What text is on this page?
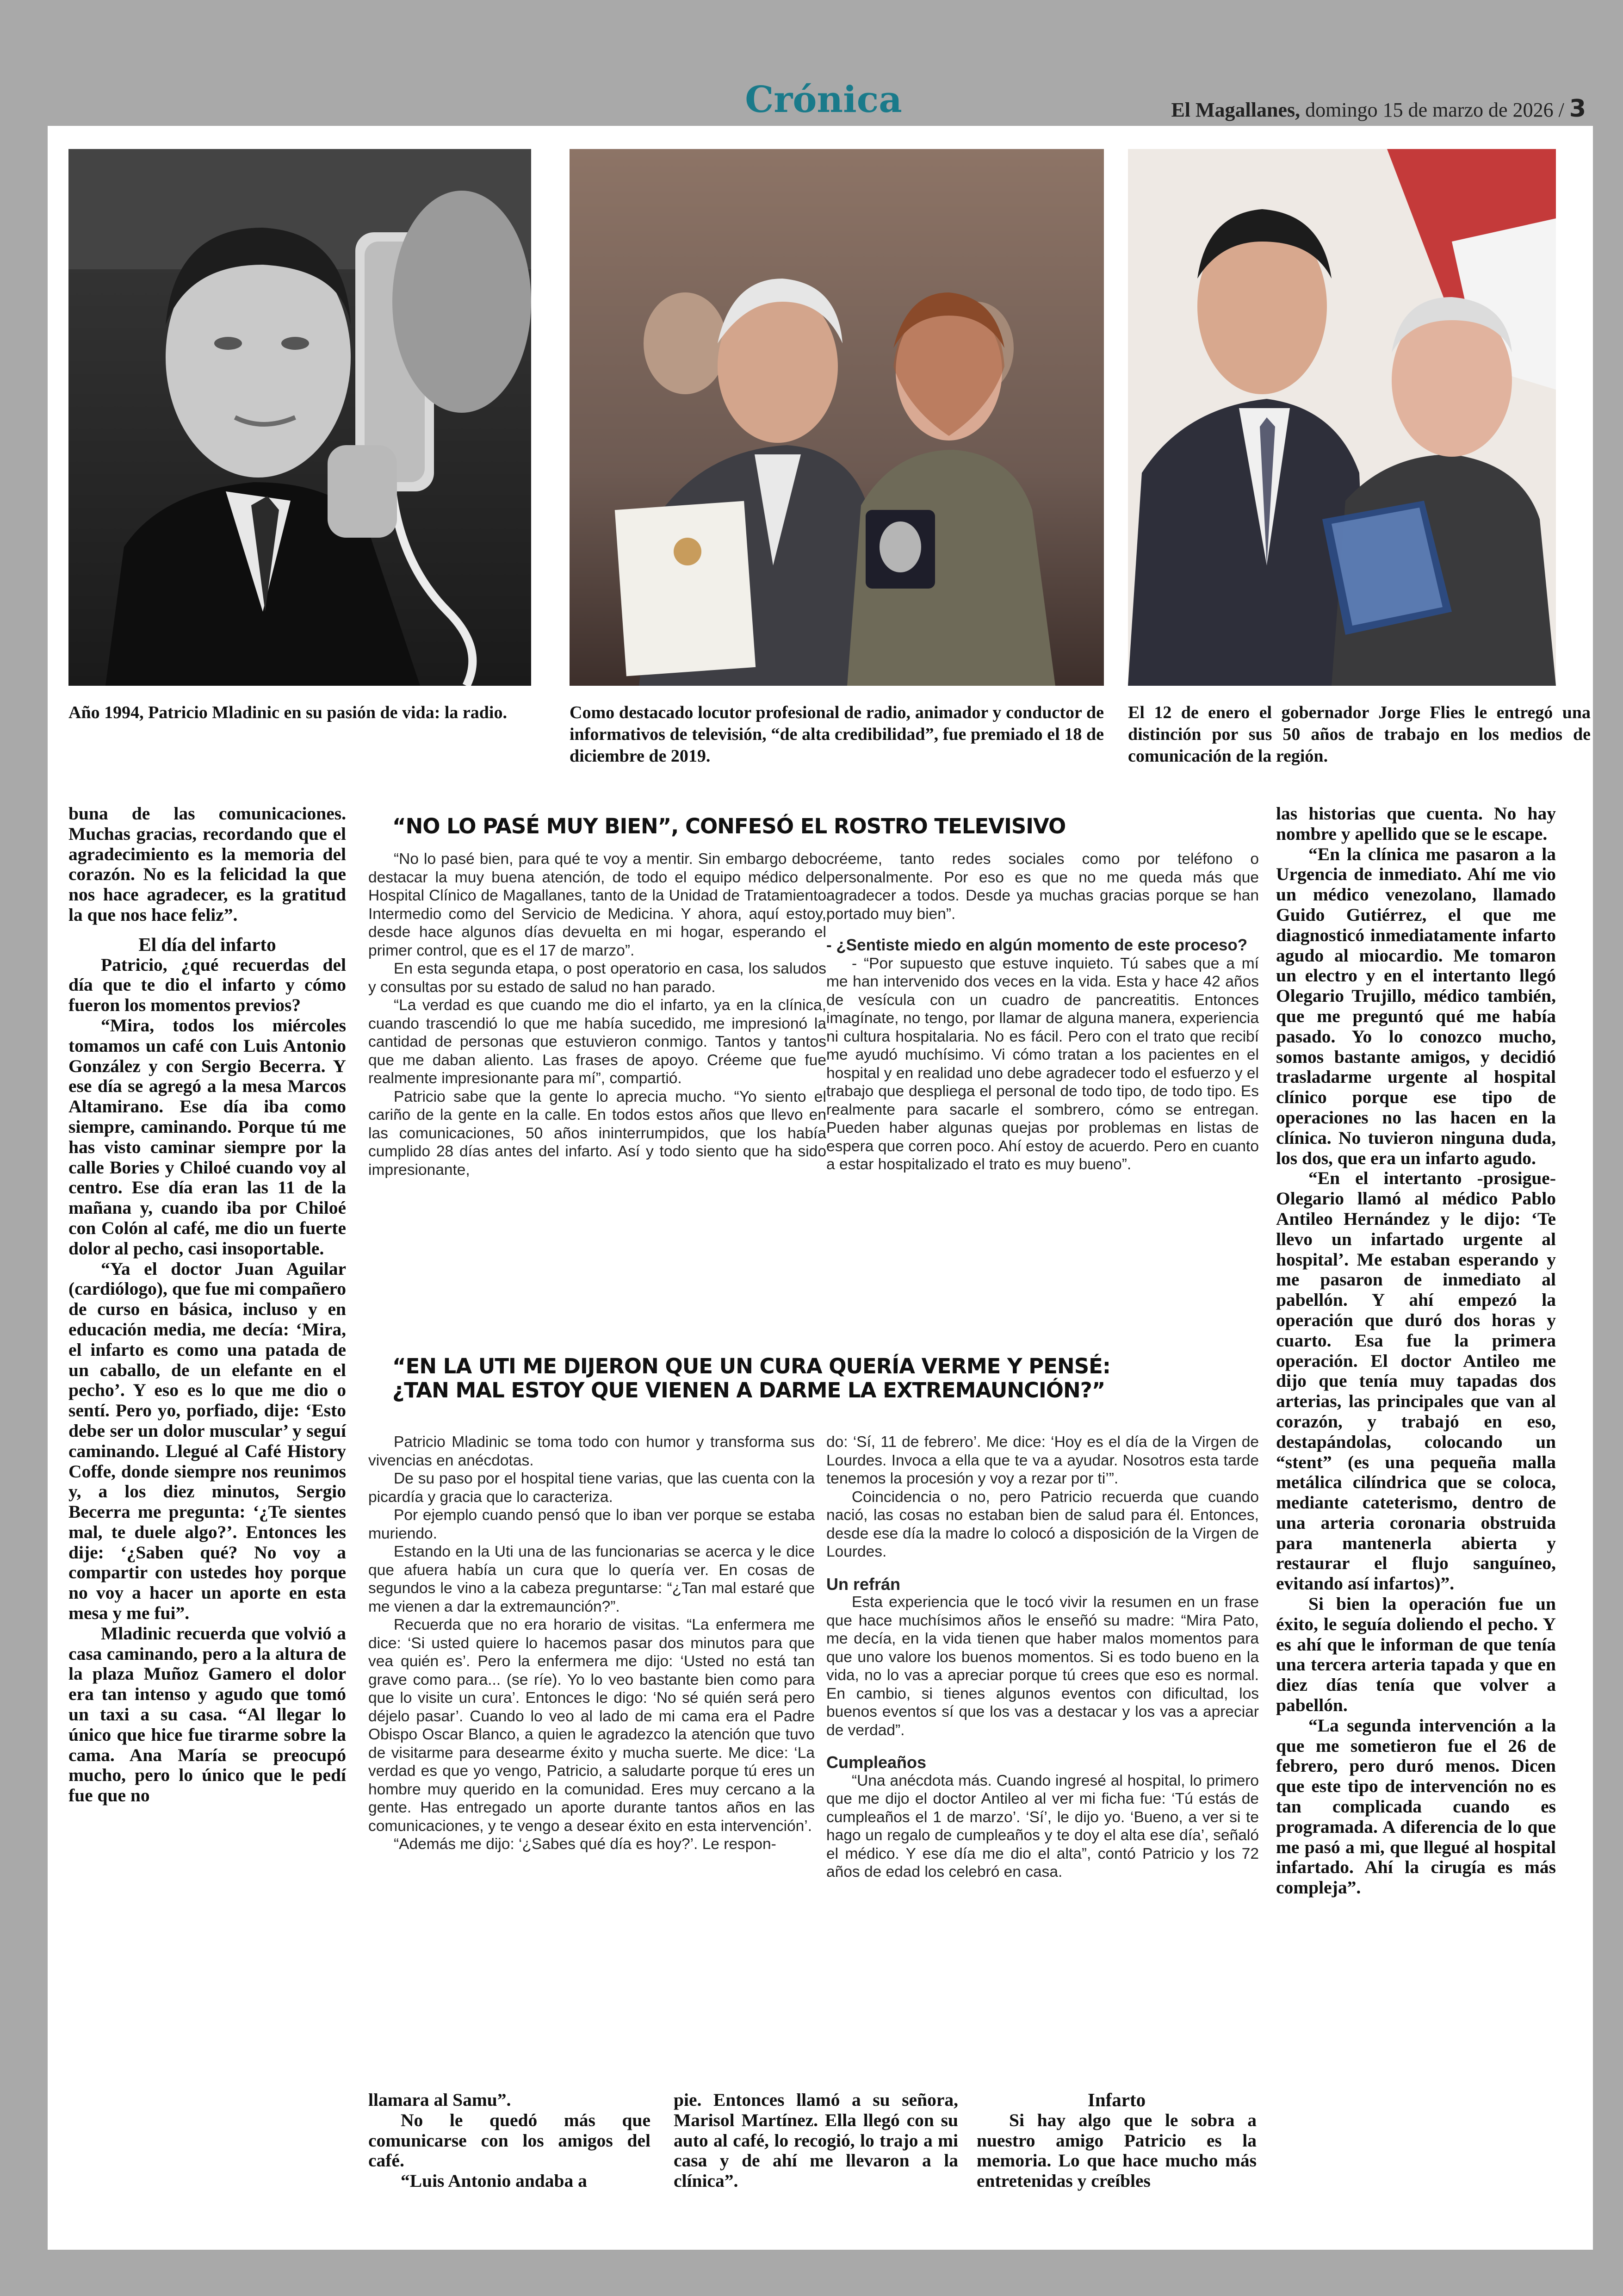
Crónica	El Magallanes, domingo 15 de marzo de 2026 / 3
Año 1994, Patricio Mladinic en su pasión de vida: la radio.	Como destacado locutor profesional de radio, animador y conductor de informativos de televisión, “de alta credibilidad”, fue premiado el 18 de diciembre de 2019.
El 12 de enero el gobernador Jorge Flies le entregó una distinción por sus 50 años de trabajo en los medios de comunicación de la región.

buna de las comunicaciones. Muchas gracias, recordando que el agradecimiento es la memoria del corazón. No es la felicidad la que nos hace agradecer, es la gratitud la que nos hace feliz”.

El día del infarto

Patricio, ¿qué recuerdas del día que te dio el infarto y cómo fueron los momentos previos?

“Mira, todos los miércoles tomamos un café con Luis Antonio González y con Sergio Becerra. Y ese día se agregó a la mesa Marcos Altamirano. Ese día iba como siempre, caminando. Porque tú me has visto caminar siempre por la calle Bories y Chiloé cuando voy al centro. Ese día eran las 11 de la mañana y, cuando iba por Chiloé con Colón al café, me dio un fuerte dolor al pecho, casi insoportable.

“Ya el doctor Juan Aguilar (cardiólogo), que fue mi compañero de curso en básica, incluso y en educación media, me decía: ‘Mira, el infarto es como una patada de un caballo, de un elefante en el pecho’. Y eso es lo que me dio o sentí. Pero yo, porfiado, dije: ‘Esto debe ser un dolor muscular’ y seguí caminando. Llegué al Café History Coffe, donde siempre nos reunimos y, a los diez minutos, Sergio Becerra me pregunta: ‘¿Te sientes mal, te duele algo?’. Entonces les dije: ‘¿Saben qué? No voy a compartir con ustedes hoy porque no voy a hacer un aporte en esta mesa y me fui”.

Mladinic recuerda que volvió a casa caminando, pero a la altura de la plaza Muñoz Gamero el dolor era tan intenso y agudo que tomó un taxi a su casa. “Al llegar lo único que hice fue tirarme sobre la cama. Ana María se preocupó mucho, pero lo único que le pedí fue que no

“NO LO PASÉ MUY BIEN”, CONFESÓ EL ROSTRO TELEVISIVO

“No lo pasé bien, para qué te voy a mentir. Sin embargo debo destacar la muy buena atención, de todo el equipo médico del Hospital Clínico de Magallanes, tanto de la Unidad de Tratamiento Intermedio como del Servicio de Medicina. Y ahora, aquí estoy, desde hace algunos días devuelta en mi hogar, esperando el primer control, que es el 17 de marzo”.

En esta segunda etapa, o post operatorio en casa, los saludos y consultas por su estado de salud no han parado.

“La verdad es que cuando me dio el infarto, ya en la clínica, cuando trascendió lo que me había sucedido, me impresionó la cantidad de personas que estuvieron conmigo. Tantos y tantos que me daban aliento. Las frases de apoyo. Créeme que fue realmente impresionante para mí”, compartió.

Patricio sabe que la gente lo aprecia mucho. “Yo siento el cariño de la gente en la calle. En todos estos años que llevo en las comunicaciones, 50 años ininterrumpidos, que los había cumplido 28 días antes del infarto. Así y todo siento que ha sido impresionante,

créeme, tanto redes sociales como por teléfono o personalmente. Por eso es que no me queda más que agradecer a todos. Desde ya muchas gracias porque se han portado muy bien”.

- ¿Sentiste miedo en algún momento de este proceso?

- “Por supuesto que estuve inquieto. Tú sabes que a mí me han intervenido dos veces en la vida. Esta y hace 42 años de vesícula con un cuadro de pancreatitis. Entonces imagínate, no tengo, por llamar de alguna manera, experiencia ni cultura hospitalaria. No es fácil. Pero con el trato que recibí me ayudó muchísimo. Vi cómo tratan a los pacientes en el hospital y en realidad uno debe agradecer todo el esfuerzo y el trabajo que despliega el personal de todo tipo, de todo tipo. Es realmente para sacarle el sombrero, cómo se entregan. Pueden haber algunas quejas por problemas en listas de espera que corren poco. Ahí estoy de acuerdo. Pero en cuanto a estar hospitalizado el trato es muy bueno”.

“EN LA UTI ME DIJERON QUE UN CURA QUERÍA VERME Y PENSÉ:
¿TAN MAL ESTOY QUE VIENEN A DARME LA EXTREMAUNCIÓN?”

Patricio Mladinic se toma todo con humor y transforma sus vivencias en anécdotas.

De su paso por el hospital tiene varias, que las cuenta con la picardía y gracia que lo caracteriza.

Por ejemplo cuando pensó que lo iban ver porque se estaba muriendo.

Estando en la Uti una de las funcionarias se acerca y le dice que afuera había un cura que lo quería ver. En cosas de segundos le vino a la cabeza preguntarse: “¿Tan mal estaré que me vienen a dar la extremaunción?”.

Recuerda que no era horario de visitas. “La enfermera me dice: ‘Si usted quiere lo hacemos pasar dos minutos para que vea quién es’. Pero la enfermera me dijo: ‘Usted no está tan grave como para... (se ríe). Yo lo veo bastante bien como para que lo visite un cura’. Entonces le digo: ‘No sé quién será pero déjelo pasar’. Cuando lo veo al lado de mi cama era el Padre Obispo Oscar Blanco, a quien le agradezco la atención que tuvo de visitarme para desearme éxito y mucha suerte. Me dice: ‘La verdad es que yo vengo, Patricio, a saludarte porque tú eres un hombre muy querido en la comunidad. Eres muy cercano a la gente. Has entregado un aporte durante tantos años en las comunicaciones, y te vengo a desear éxito en esta intervención’.

“Además me dijo: ‘¿Sabes qué día es hoy?’. Le respon-

do: ‘Sí, 11 de febrero’. Me dice: ‘Hoy es el día de la Virgen de Lourdes. Invoca a ella que te va a ayudar. Nosotros esta tarde tenemos la procesión y voy a rezar por ti’”.

Coincidencia o no, pero Patricio recuerda que cuando nació, las cosas no estaban bien de salud para él. Entonces, desde ese día la madre lo colocó a disposición de la Virgen de Lourdes.

Un refrán

Esta experiencia que le tocó vivir la resumen en un frase que hace muchísimos años le enseñó su madre: “Mira Pato, me decía, en la vida tienen que haber malos momentos para que uno valore los buenos momentos. Si es todo bueno en la vida, no lo vas a apreciar porque tú crees que eso es normal. En cambio, si tienes algunos eventos con dificultad, los buenos eventos sí que los vas a destacar y los vas a apreciar de verdad”.

Cumpleaños

“Una anécdota más. Cuando ingresé al hospital, lo primero que me dijo el doctor Antileo al ver mi ficha fue: ‘Tú estás de cumpleaños el 1 de marzo’. ‘Sí’, le dijo yo. ‘Bueno, a ver si te hago un regalo de cumpleaños y te doy el alta ese día’, señaló el médico. Y ese día me dio el alta”, contó Patricio y los 72 años de edad los celebró en casa.

llamara al Samu”.

No le quedó más que comunicarse con los amigos del café.

“Luis Antonio andaba a

pie. Entonces llamó a su señora, Marisol Martínez. Ella llegó con su auto al café, lo recogió, lo trajo a mi casa y de ahí me llevaron a la clínica”.

Infarto

Si hay algo que le sobra a nuestro amigo Patricio es la memoria. Lo que hace mucho más entretenidas y creíbles

las historias que cuenta. No hay nombre y apellido que se le escape.

“En la clínica me pasaron a la Urgencia de inmediato. Ahí me vio un médico venezolano, llamado Guido Gutiérrez, el que me diagnosticó inmediatamente infarto agudo al miocardio. Me tomaron un electro y en el intertanto llegó Olegario Trujillo, médico también, que me preguntó qué me había pasado. Yo lo conozco mucho, somos bastante amigos, y decidió trasladarme urgente al hospital clínico porque ese tipo de operaciones no las hacen en la clínica. No tuvieron ninguna duda, los dos, que era un infarto agudo.

“En el intertanto -prosigue- Olegario llamó al médico Pablo Antileo Hernández y le dijo: ‘Te llevo un infartado urgente al hospital’. Me estaban esperando y me pasaron de inmediato al pabellón. Y ahí empezó la operación que duró dos horas y cuarto. Esa fue la primera operación. El doctor Antileo me dijo que tenía muy tapadas dos arterias, las principales que van al corazón, y trabajó en eso, destapándolas, colocando un “stent” (es una pequeña malla metálica cilíndrica que se coloca, mediante cateterismo, dentro de una arteria coronaria obstruida para mantenerla abierta y restaurar el flujo sanguíneo, evitando así infartos)”.

Si bien la operación fue un éxito, le seguía doliendo el pecho. Y es ahí que le informan de que tenía una tercera arteria tapada y que en diez días tenía que volver a pabellón.

“La segunda intervención a la que me sometieron fue el 26 de febrero, pero duró menos. Dicen que este tipo de intervención no es tan complicada cuando es programada. A diferencia de lo que me pasó a mi, que llegué al hospital infartado. Ahí la cirugía es más compleja”.
